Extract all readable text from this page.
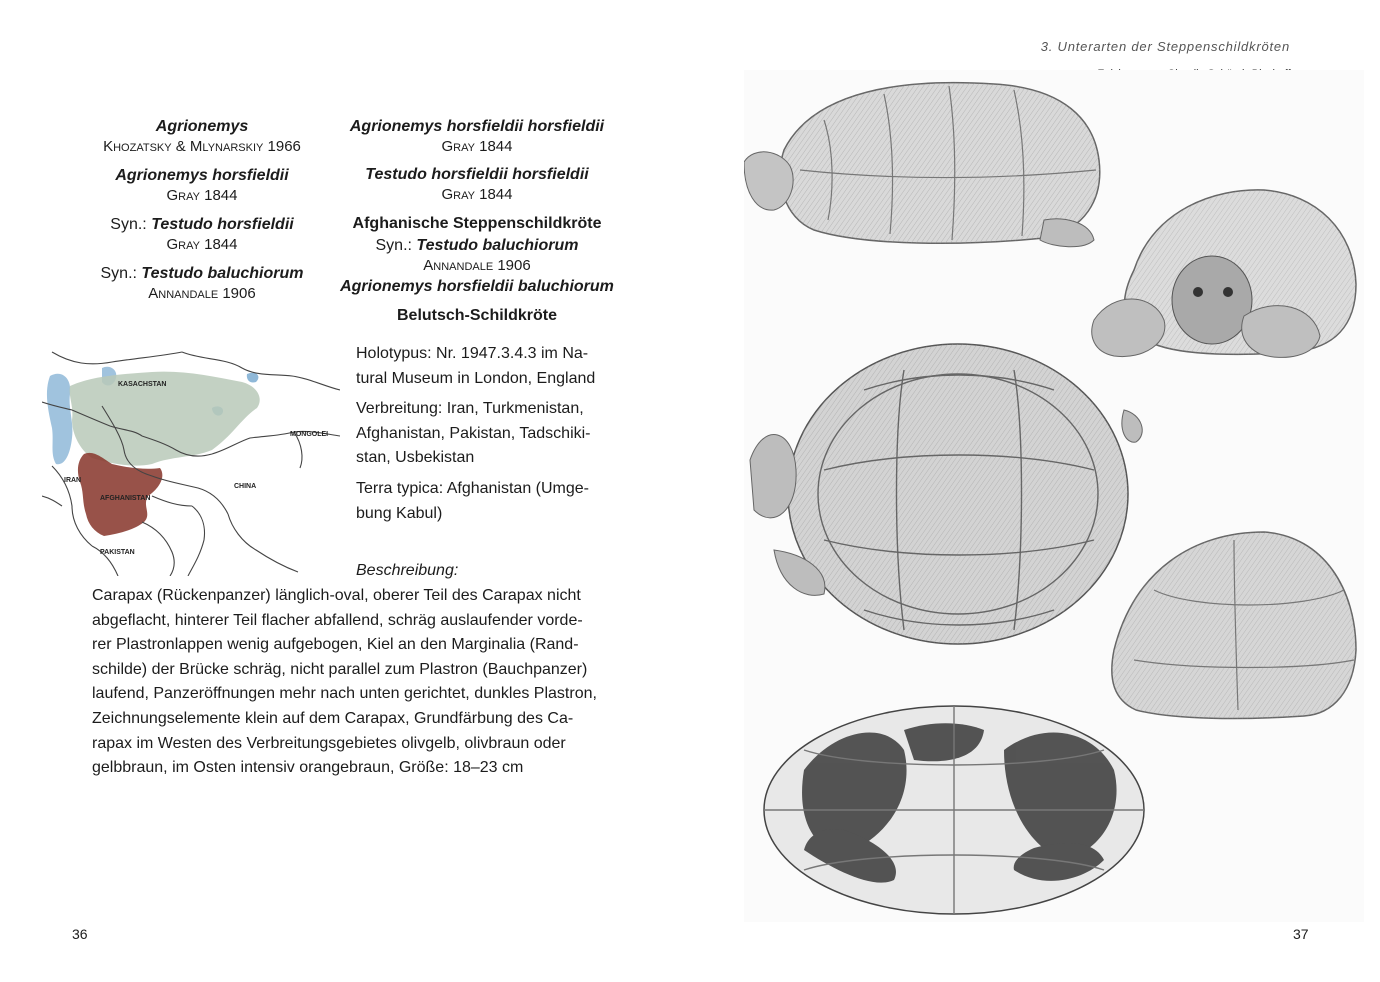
Agrionemys
Khozatsky & Mlynarskiy 1966
Agrionemys horsfieldii
Gray 1844
Syn.: Testudo horsfieldii
Gray 1844
Syn.: Testudo baluchiorum
Annandale 1906
Agrionemys horsfieldii horsfieldii
Gray 1844
Testudo horsfieldii horsfieldii
Gray 1844
Afghanische Steppenschildkröte
Syn.: Testudo baluchiorum
Annandale 1906
Agrionemys horsfieldii baluchiorum
Belutsch-Schildkröte
KASACHSTAN
MONGOLEI
IRAN
AFGHANISTAN
CHINA
PAKISTAN
Holotypus: Nr. 1947.3.4.3 im Na-
tural Museum in London, England
Verbreitung: Iran, Turkmenistan,
Afghanistan, Pakistan, Tadschiki-
stan, Usbekistan
Terra typica: Afghanistan (Umge-
bung Kabul)
Beschreibung:
Carapax (Rückenpanzer) länglich-oval, oberer Teil des Carapax nicht
abgeflacht, hinterer Teil flacher abfallend, schräg auslaufender vorde-
rer Plastronlappen wenig aufgebogen, Kiel an den Marginalia (Rand-
schilde) der Brücke schräg, nicht parallel zum Plastron (Bauchpanzer)
laufend, Panzeröffnungen mehr nach unten gerichtet, dunkles Plastron,
Zeichnungselemente klein auf dem Carapax, Grundfärbung des Ca-
rapax im Westen des Verbreitungsgebietes olivgelb, olivbraun oder
gelbbraun, im Osten intensiv orangebraun, Größe: 18–23 cm
36
3. Unterarten der Steppenschildkröten
37
